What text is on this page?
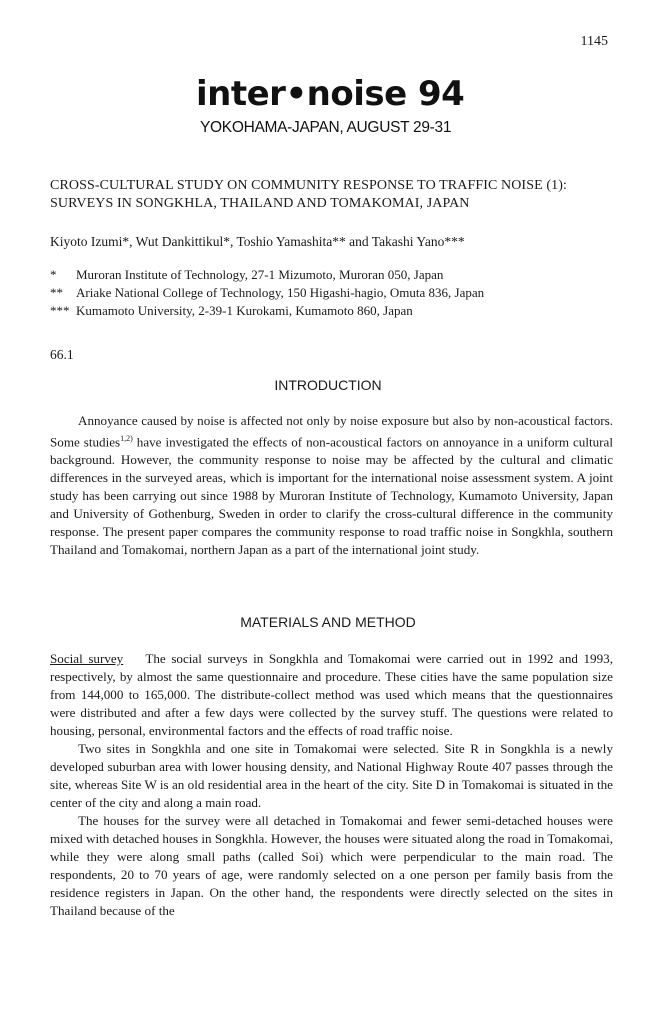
1145
inter•noise 94
YOKOHAMA-JAPAN, AUGUST 29-31
CROSS-CULTURAL STUDY ON COMMUNITY RESPONSE TO TRAFFIC NOISE (1): SURVEYS IN SONGKHLA, THAILAND AND TOMAKOMAI, JAPAN
Kiyoto Izumi*, Wut Dankittikul*, Toshio Yamashita** and Takashi Yano***
*	Muroran Institute of Technology, 27-1 Mizumoto, Muroran 050, Japan
**	Ariake National College of Technology, 150 Higashi-hagio, Omuta 836, Japan
*** Kumamoto University, 2-39-1 Kurokami, Kumamoto 860, Japan
66.1
INTRODUCTION

Annoyance caused by noise is affected not only by noise exposure but also by non-acoustical factors. Some studies$^{1,2)}$ have investigated the effects of non-acoustical factors on annoyance in a uniform cultural background. However, the community response to noise may be affected by the cultural and climatic differences in the surveyed areas, which is important for the international noise assessment system. A joint study has been carrying out since 1988 by Muroran Institute of Technology, Kumamoto University, Japan and University of Gothenburg, Sweden in order to clarify the cross-cultural difference in the community response. The present paper compares the community response to road traffic noise in Songkhla, southern Thailand and Tomakomai, northern Japan as a part of the international joint study.

MATERIALS AND METHOD

Social survey    The social surveys in Songkhla and Tomakomai were carried out in 1992 and 1993, respectively, by almost the same questionnaire and procedure. These cities have the same population size from 144,000 to 165,000. The distribute-collect method was used which means that the questionnaires were distributed and after a few days were collected by the survey stuff. The questions were related to housing, personal, environmental factors and the effects of road traffic noise.

Two sites in Songkhla and one site in Tomakomai were selected. Site R in Songkhla is a newly developed suburban area with lower housing density, and National Highway Route 407 passes through the site, whereas Site W is an old residential area in the heart of the city. Site D in Tomakomai is situated in the center of the city and along a main road.

The houses for the survey were all detached in Tomakomai and fewer semi-detached houses were mixed with detached houses in Songkhla. However, the houses were situated along the road in Tomakomai, while they were along small paths (called Soi) which were perpendicular to the main road. The respondents, 20 to 70 years of age, were randomly selected on a one person per family basis from the residence registers in Japan. On the other hand, the respondents were directly selected on the sites in Thailand because of the
